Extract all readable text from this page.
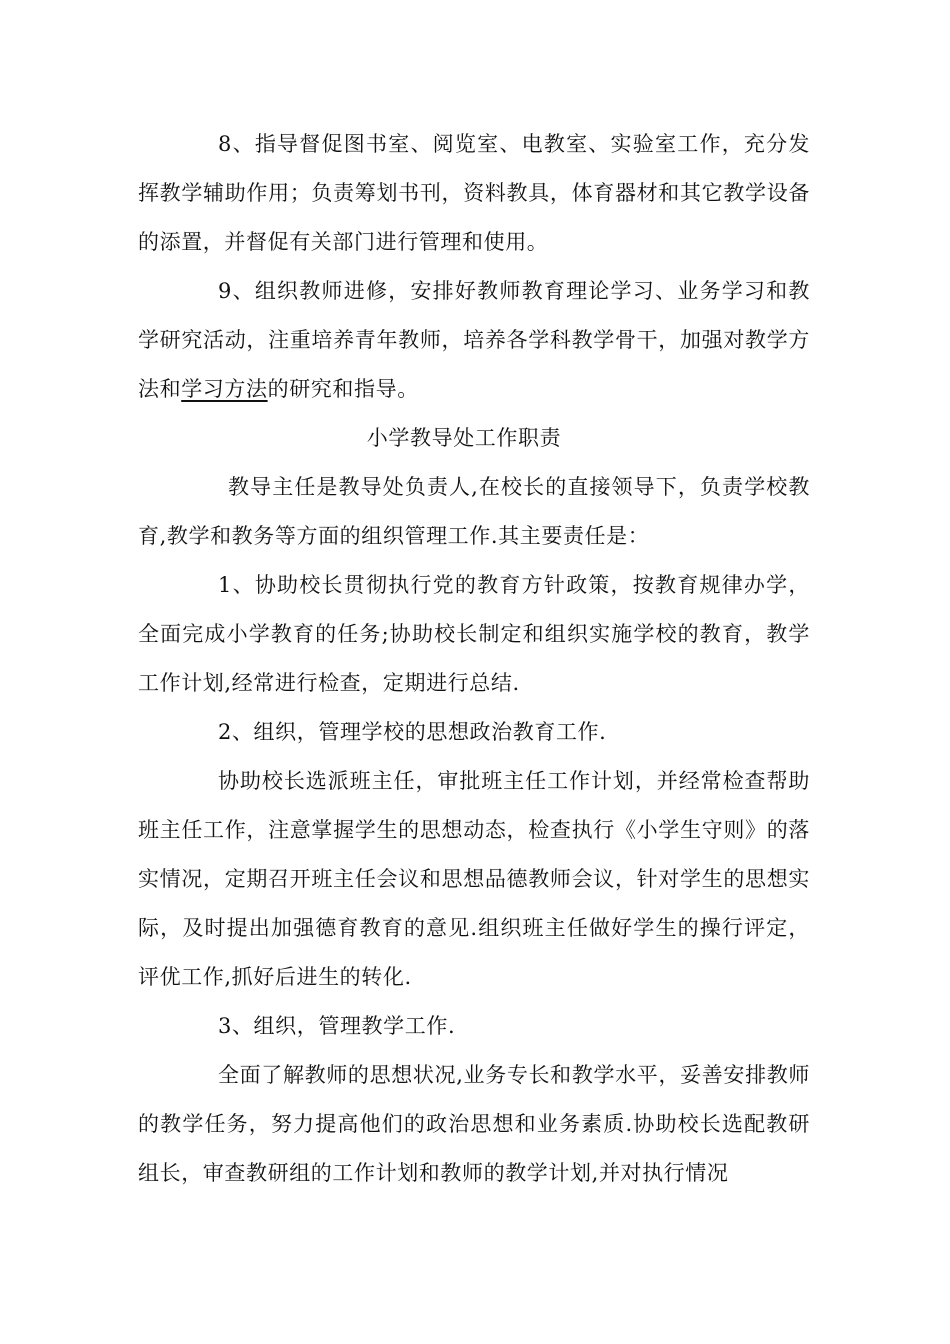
8、指导督促图书室、阅览室、电教室、实验室工作，充分发挥教学辅助作用；负责筹划书刊，资料教具，体育器材和其它教学设备的添置，并督促有关部门进行管理和使用。

9、组织教师进修，安排好教师教育理论学习、业务学习和教学研究活动，注重培养青年教师，培养各学科教学骨干，加强对教学方法和学习方法的研究和指导。

小学教导处工作职责

教导主任是教导处负责人,在校长的直接领导下，负责学校教育,教学和教务等方面的组织管理工作.其主要责任是：

1、协助校长贯彻执行党的教育方针政策，按教育规律办学，全面完成小学教育的任务;协助校长制定和组织实施学校的教育，教学工作计划,经常进行检查，定期进行总结.

2、组织，管理学校的思想政治教育工作.

协助校长选派班主任，审批班主任工作计划，并经常检查帮助班主任工作，注意掌握学生的思想动态，检查执行《小学生守则》的落实情况，定期召开班主任会议和思想品德教师会议，针对学生的思想实际，及时提出加强德育教育的意见.组织班主任做好学生的操行评定，评优工作,抓好后进生的转化.

3、组织，管理教学工作.

全面了解教师的思想状况,业务专长和教学水平，妥善安排教师的教学任务，努力提高他们的政治思想和业务素质.协助校长选配教研组长，审查教研组的工作计划和教师的教学计划,并对执行情况
